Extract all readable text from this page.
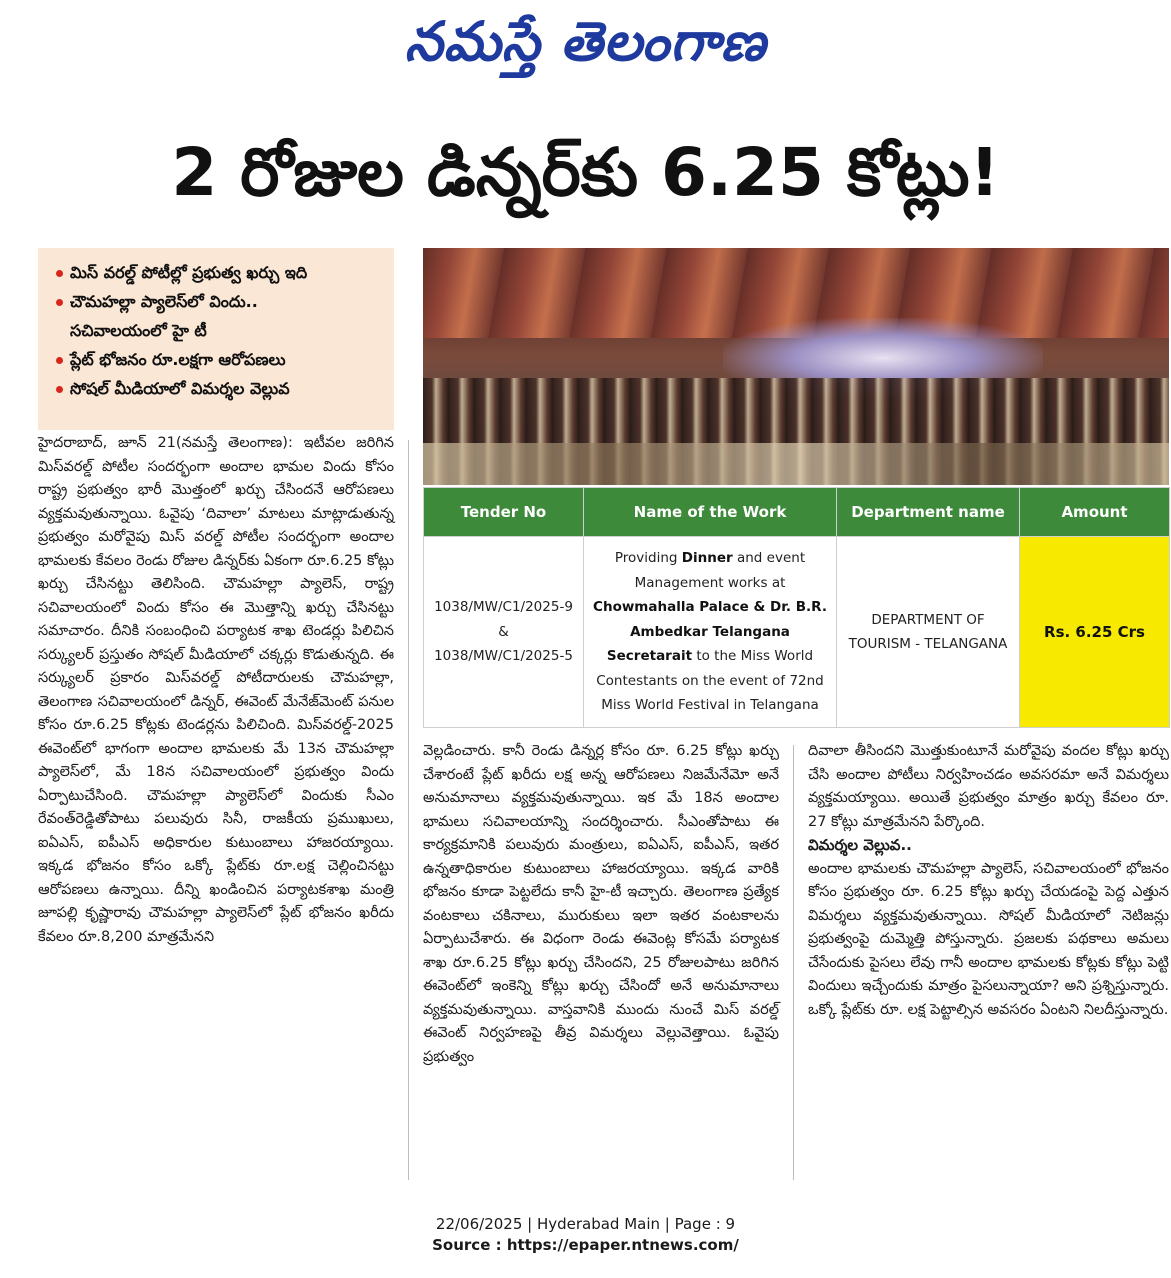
నమస్తే తెలంగాణ
2 రోజుల డిన్నర్‌కు 6.25 కోట్లు!
మిస్ వరల్డ్ పోటీల్లో ప్రభుత్వ ఖర్చు ఇది
చౌమహల్లా ప్యాలెస్‌లో విందు..
సచివాలయంలో హై టీ
ప్లేట్ భోజనం రూ.లక్షగా ఆరోపణలు
సోషల్ మీడియాలో విమర్శల వెల్లువ
Tender No	Name of the Work	Department name	Amount
1038/MW/C1/2025-9
&
1038/MW/C1/2025-5	Providing Dinner and event Management works at Chowmahalla Palace & Dr. B.R. Ambedkar Telangana Secretarait to the Miss World Contestants on the event of 72nd Miss World Festival in Telangana	DEPARTMENT OF TOURISM - TELANGANA	Rs. 6.25 Crs

హైదరాబాద్, జూన్ 21(నమస్తే తెలంగాణ): ఇటీవల జరిగిన మిస్‌వరల్డ్ పోటీల సందర్భంగా అందాల భామల విందు కోసం రాష్ట్ర ప్రభుత్వం భారీ మొత్తంలో ఖర్చు చేసిందనే ఆరోపణలు వ్యక్తమవుతున్నాయి. ఓవైపు ‘దివాలా’ మాటలు మాట్లాడుతున్న ప్రభుత్వం మరోవైపు మిస్ వరల్డ్ పోటీల సందర్భంగా అందాల భామలకు కేవలం రెండు రోజుల డిన్నర్‌కు ఏకంగా రూ.6.25 కోట్లు ఖర్చు చేసినట్టు తెలిసింది. చౌమహల్లా ప్యాలెస్, రాష్ట్ర సచివాలయంలో విందు కోసం ఈ మొత్తాన్ని ఖర్చు చేసినట్టు సమాచారం. దీనికి సంబంధించి పర్యాటక శాఖ టెండర్లు పిలిచిన సర్క్యులర్ ప్రస్తుతం సోషల్ మీడియాలో చక్కర్లు కొడుతున్నది. ఈ సర్క్యులర్ ప్రకారం మిస్‌వరల్డ్ పోటీదారులకు చౌమహల్లా, తెలంగాణ సచివాలయంలో డిన్నర్, ఈవెంట్ మేనేజ్‌మెంట్ పనుల కోసం రూ.6.25 కోట్లకు టెండర్లను పిలిచింది. మిస్‌వరల్డ్-2025 ఈవెంట్‌లో భాగంగా అందాల భామలకు మే 13న చౌమహల్లా ప్యాలెస్‌లో, మే 18న సచివాలయంలో ప్రభుత్వం విందు ఏర్పాటుచేసింది. చౌమహల్లా ప్యాలెస్‌లో విందుకు సీఎం రేవంత్‌రెడ్డితోపాటు పలువురు సినీ, రాజకీయ ప్రముఖులు, ఐఏఎస్, ఐపీఎస్ అధికారుల కుటుంబాలు హాజరయ్యాయి. ఇక్కడ భోజనం కోసం ఒక్కో ప్లేట్‌కు రూ.లక్ష చెల్లించినట్టు ఆరోపణలు ఉన్నాయి. దీన్ని ఖండించిన పర్యాటకశాఖ మంత్రి జూపల్లి కృష్ణారావు చౌమహల్లా ప్యాలెస్‌లో ప్లేట్ భోజనం ఖరీదు కేవలం రూ.8,200 మాత్రమేనని

వెల్లడించారు. కానీ రెండు డిన్నర్ల కోసం రూ. 6.25 కోట్లు ఖర్చు చేశారంటే ప్లేట్ ఖరీదు లక్ష అన్న ఆరోపణలు నిజమేనేమో అనే అనుమానాలు వ్యక్తమవుతున్నాయి. ఇక మే 18న అందాల భామలు సచివాలయాన్ని సందర్శించారు. సీఎంతోపాటు ఈ కార్యక్రమానికి పలువురు మంత్రులు, ఐఏఎస్, ఐపీఎస్, ఇతర ఉన్నతాధికారుల కుటుంబాలు హాజరయ్యాయి. ఇక్కడ వారికి భోజనం కూడా పెట్టలేదు కానీ హై-టీ ఇచ్చారు. తెలంగాణ ప్రత్యేక వంటకాలు చకినాలు, మురుకులు ఇలా ఇతర వంటకాలను ఏర్పాటుచేశారు. ఈ విధంగా రెండు ఈవెంట్ల కోసమే పర్యాటక శాఖ రూ.6.25 కోట్లు ఖర్చు చేసిందని, 25 రోజులపాటు జరిగిన ఈవెంట్‌లో ఇంకెన్ని కోట్లు ఖర్చు చేసిందో అనే అనుమానాలు వ్యక్తమవుతున్నాయి. వాస్తవానికి ముందు నుంచే మిస్ వరల్డ్ ఈవెంట్ నిర్వహణపై తీవ్ర విమర్శలు వెల్లువెత్తాయి. ఓవైపు ప్రభుత్వం

దివాలా తీసిందని మొత్తుకుంటూనే మరోవైపు వందల కోట్లు ఖర్చు చేసి అందాల పోటీలు నిర్వహించడం అవసరమా అనే విమర్శలు వ్యక్తమయ్యాయి. అయితే ప్రభుత్వం మాత్రం ఖర్చు కేవలం రూ. 27 కోట్లు మాత్రమేనని పేర్కొంది.

విమర్శల వెల్లువ..

అందాల భామలకు చౌమహల్లా ప్యాలెస్, సచివాలయంలో భోజనం కోసం ప్రభుత్వం రూ. 6.25 కోట్లు ఖర్చు చేయడంపై పెద్ద ఎత్తున విమర్శలు వ్యక్తమవుతున్నాయి. సోషల్ మీడియాలో నెటిజన్లు ప్రభుత్వంపై దుమ్మెత్తి పోస్తున్నారు. ప్రజలకు పథకాలు అమలు చేసేందుకు పైసలు లేవు గానీ అందాల భామలకు కోట్లకు కోట్లు పెట్టి విందులు ఇచ్చేందుకు మాత్రం పైసలున్నాయా? అని ప్రశ్నిస్తున్నారు. ఒక్కో ప్లేట్‌కు రూ. లక్ష పెట్టాల్సిన అవసరం ఏంటని నిలదీస్తున్నారు.

22/06/2025 | Hyderabad Main | Page : 9
Source : https://epaper.ntnews.com/
